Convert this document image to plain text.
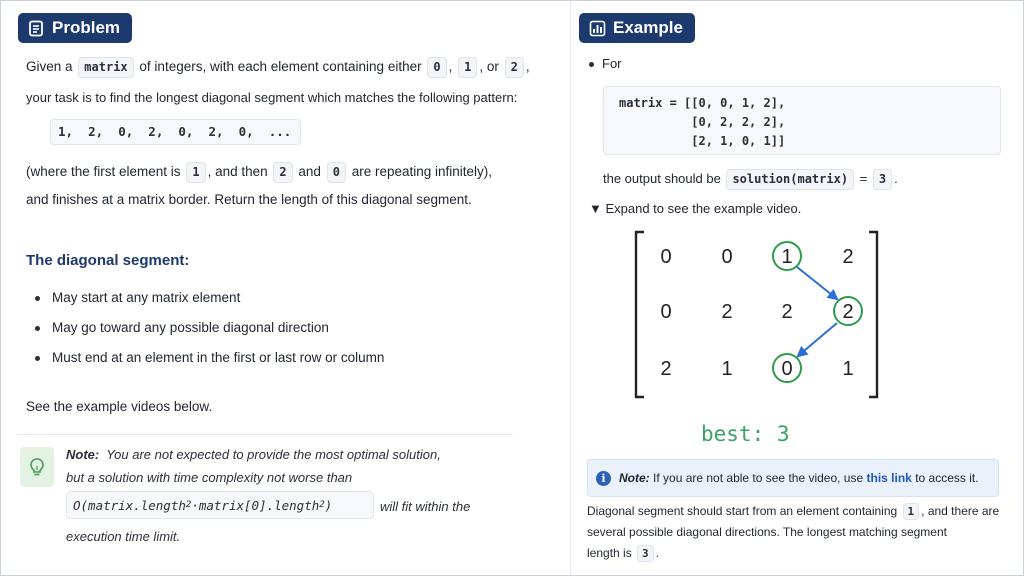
Problem
Given a matrix of integers, with each element containing either 0 , 1 , or 2 ,
your task is to find the longest diagonal segment which matches the following pattern:
1,  2,  0,  2,  0,  2,  0,  ...
(where the first element is 1 , and then 2 and 0 are repeating infinitely),
and finishes at a matrix border. Return the length of this diagonal segment.
The diagonal segment:
May start at any matrix element
May go toward any possible diagonal direction
Must end at an element in the first or last row or column
See the example videos below.
Note: You are not expected to provide the most optimal solution,
but a solution with time complexity not worse than
O(matrix.length 2 ·matrix[0].length 2 )	will fit within the
execution time limit.
Example
For
matrix = [[0, 0, 1, 2],
[0, 2, 2, 2],
[2, 1, 0, 1]]
the output should be solution(matrix) = 3 .
▼ Expand to see the example video.
0 0 1 2
0 2 2 2
2 1 0 1
best: 3
i	Note: If you are not able to see the video, use this link to access it.
Diagonal segment should start from an element containing 1 , and there are
several possible diagonal directions. The longest matching segment
length is 3 .
